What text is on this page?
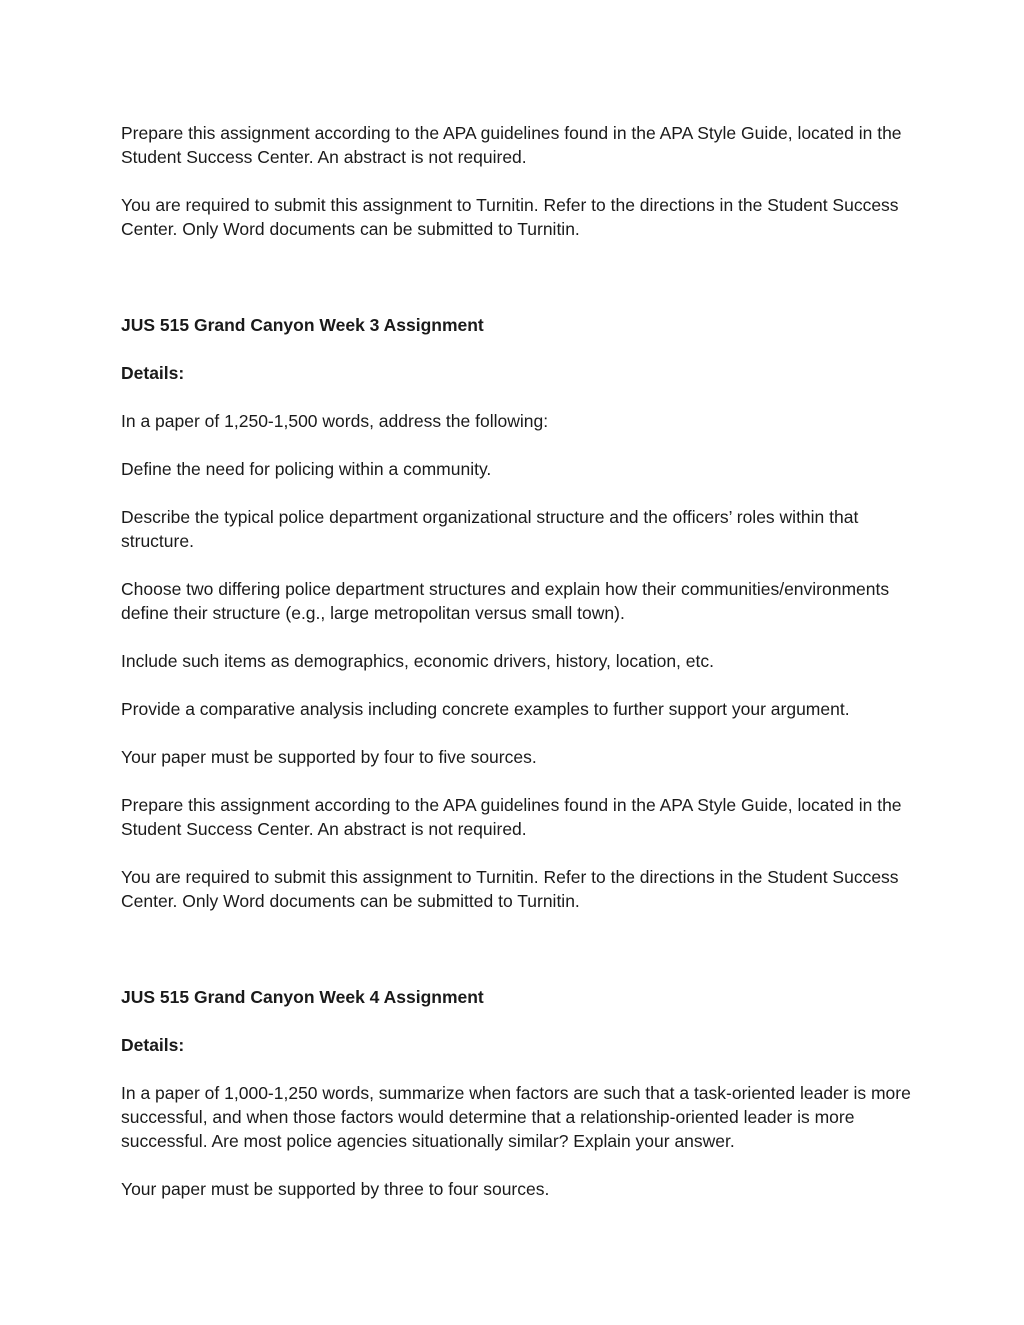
Prepare this assignment according to the APA guidelines found in the APA Style Guide, located in the Student Success Center. An abstract is not required.

You are required to submit this assignment to Turnitin. Refer to the directions in the Student Success Center. Only Word documents can be submitted to Turnitin.

JUS 515 Grand Canyon Week 3 Assignment

Details:

In a paper of 1,250-1,500 words, address the following:

Define the need for policing within a community.

Describe the typical police department organizational structure and the officers’ roles within that structure.

Choose two differing police department structures and explain how their communities/environments define their structure (e.g., large metropolitan versus small town).

Include such items as demographics, economic drivers, history, location, etc.

Provide a comparative analysis including concrete examples to further support your argument.

Your paper must be supported by four to five sources.

Prepare this assignment according to the APA guidelines found in the APA Style Guide, located in the Student Success Center. An abstract is not required.

You are required to submit this assignment to Turnitin. Refer to the directions in the Student Success Center. Only Word documents can be submitted to Turnitin.

JUS 515 Grand Canyon Week 4 Assignment

Details:

In a paper of 1,000-1,250 words, summarize when factors are such that a task-oriented leader is more successful, and when those factors would determine that a relationship-oriented leader is more successful. Are most police agencies situationally similar? Explain your answer.

Your paper must be supported by three to four sources.
